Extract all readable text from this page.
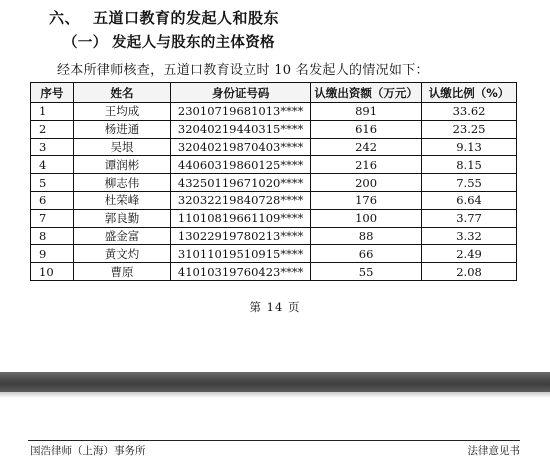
六、 五道口教育的发起人和股东
（一） 发起人与股东的主体资格
经本所律师核查，五道口教育设立时 10 名发起人的情况如下：
序号	姓名	身份证号码	认缴出资额（万元）	认缴比例（%）
1	王均成	23010719681013****	891	33.62
2	杨进通	32040219440315****	616	23.25
3	吴垠	32040219870403****	242	9.13
4	谭润彬	44060319860125****	216	8.15
5	柳志伟	43250119671020****	200	7.55
6	杜荣峰	32032219840728****	176	6.64
7	郭良勤	11010819661109****	100	3.77
8	盛金富	13022919780213****	88	3.32
9	黄文灼	31011019510915****	66	2.49
10	曹原	41010319760423****	55	2.08
第 14 页
国浩律师（上海）事务所	法律意见书
